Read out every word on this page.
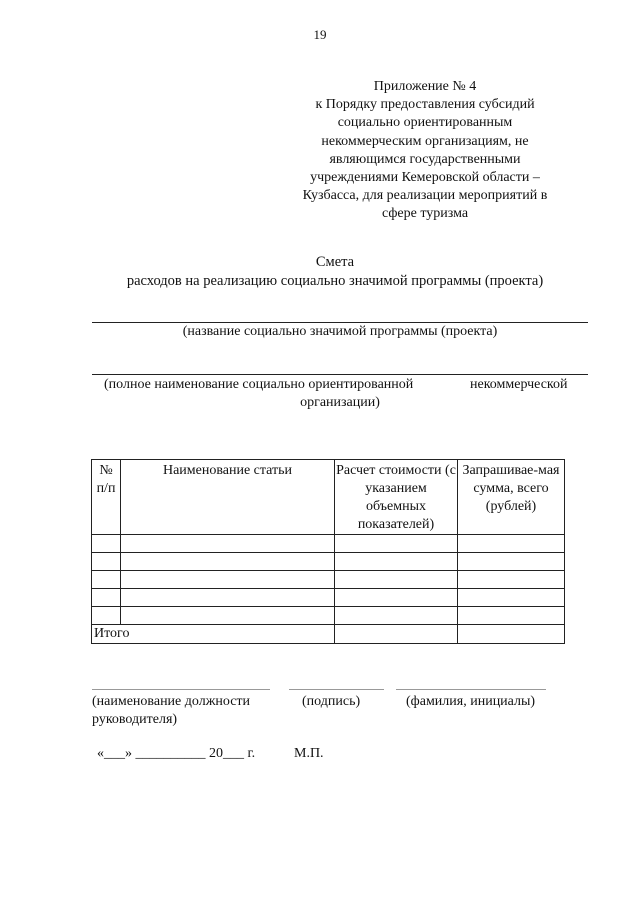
19
Приложение № 4
к Порядку предоставления субсидий
социально ориентированным
некоммерческим организациям, не
являющимся государственными
учреждениями Кемеровской области –
Кузбасса, для реализации мероприятий в
сфере туризма
Смета
расходов на реализацию социально значимой программы (проекта)
(название социально значимой программы (проекта)
(полное наименование социально ориентированной	некоммерческой
организации)
№ п/п	Наименование статьи	Расчет стоимости (с указанием объемных показателей)	Запрашивае-мая сумма, всего (рублей)

Итого			
(наименование должности
руководителя)
(подпись)	(фамилия, инициалы)
«___» __________ 20___ г.	М.П.
